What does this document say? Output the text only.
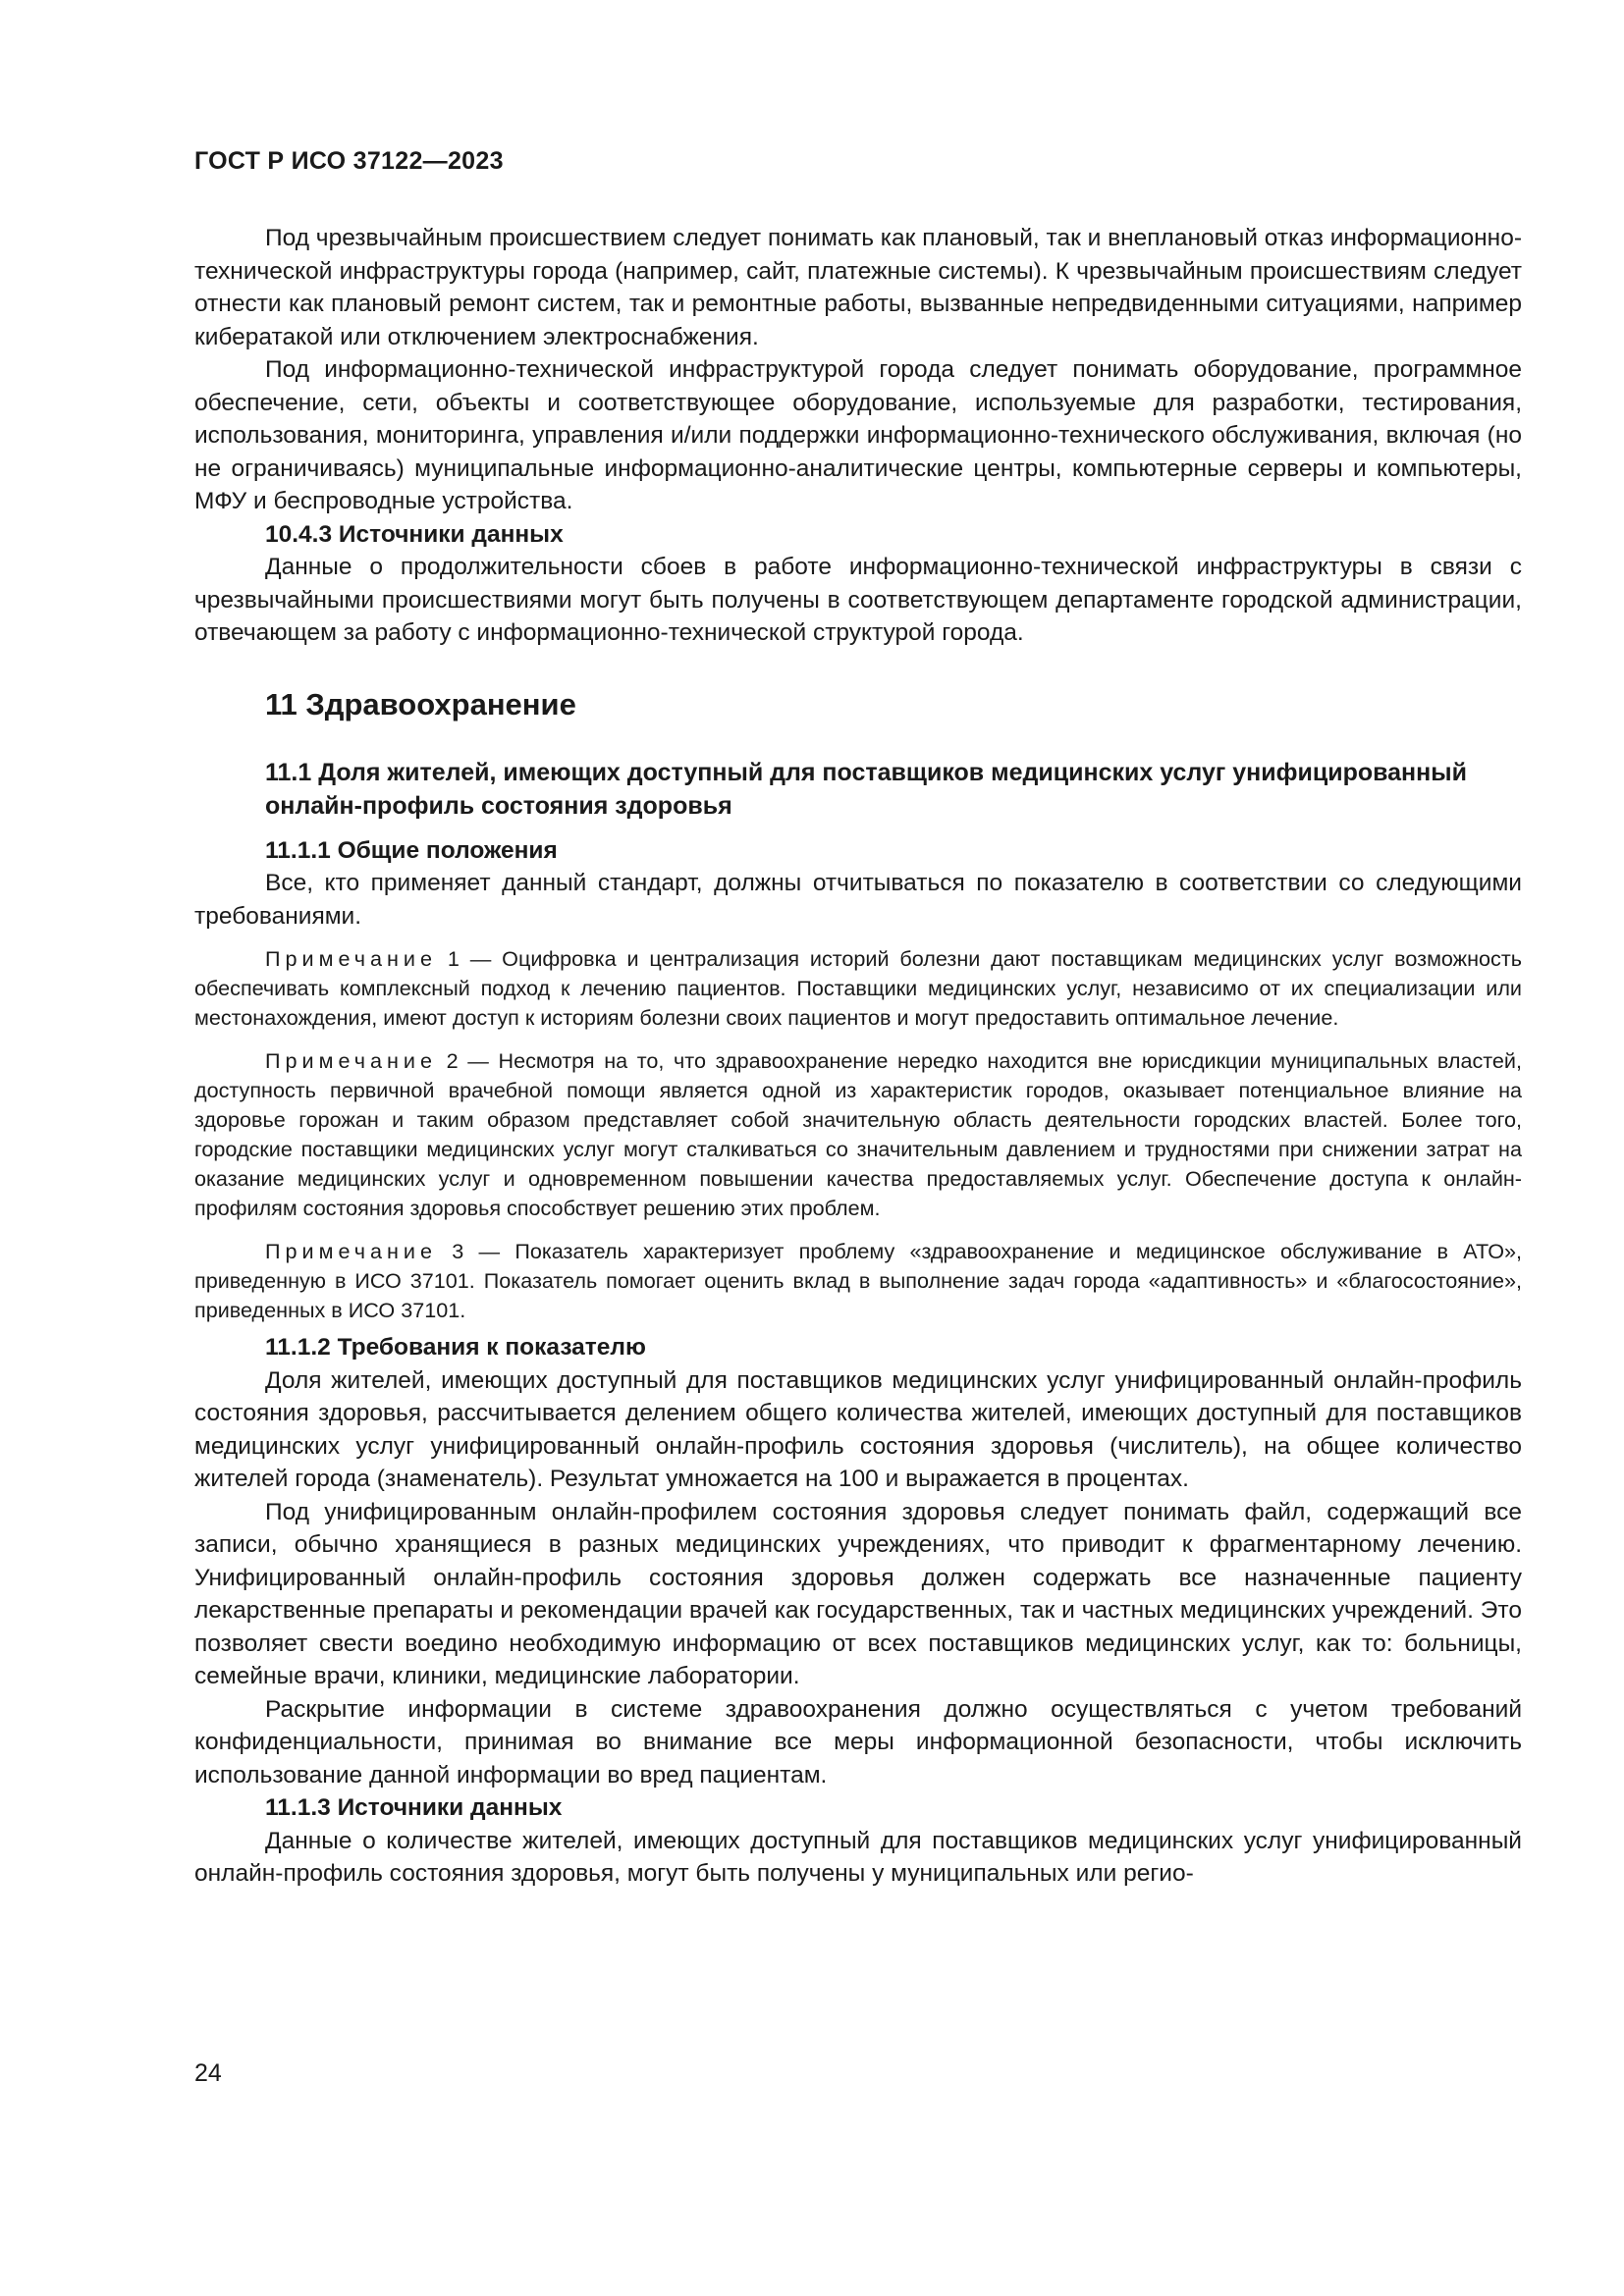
ГОСТ Р ИСО 37122—2023

Под чрезвычайным происшествием следует понимать как плановый, так и внеплановый отказ информационно-технической инфраструктуры города (например, сайт, платежные системы). К чрезвычайным происшествиям следует отнести как плановый ремонт систем, так и ремонтные работы, вызванные непредвиденными ситуациями, например кибератакой или отключением электроснабжения.

Под информационно-технической инфраструктурой города следует понимать оборудование, программное обеспечение, сети, объекты и соответствующее оборудование, используемые для разработки, тестирования, использования, мониторинга, управления и/или поддержки информационно-технического обслуживания, включая (но не ограничиваясь) муниципальные информационно-аналитические центры, компьютерные серверы и компьютеры, МФУ и беспроводные устройства.

10.4.3 Источники данных

Данные о продолжительности сбоев в работе информационно-технической инфраструктуры в связи с чрезвычайными происшествиями могут быть получены в соответствующем департаменте городской администрации, отвечающем за работу с информационно-технической структурой города.

11 Здравоохранение
11.1 Доля жителей, имеющих доступный для поставщиков медицинских услуг унифицированный онлайн-профиль состояния здоровья
11.1.1 Общие положения

Все, кто применяет данный стандарт, должны отчитываться по показателю в соответствии со следующими требованиями.

Примечание 1 — Оцифровка и централизация историй болезни дают поставщикам медицинских услуг возможность обеспечивать комплексный подход к лечению пациентов. Поставщики медицинских услуг, независимо от их специализации или местонахождения, имеют доступ к историям болезни своих пациентов и могут предоставить оптимальное лечение.
Примечание 2 — Несмотря на то, что здравоохранение нередко находится вне юрисдикции муниципальных властей, доступность первичной врачебной помощи является одной из характеристик городов, оказывает потенциальное влияние на здоровье горожан и таким образом представляет собой значительную область деятельности городских властей. Более того, городские поставщики медицинских услуг могут сталкиваться со значительным давлением и трудностями при снижении затрат на оказание медицинских услуг и одновременном повышении качества предоставляемых услуг. Обеспечение доступа к онлайн-профилям состояния здоровья способствует решению этих проблем.
Примечание 3 — Показатель характеризует проблему «здравоохранение и медицинское обслуживание в АТО», приведенную в ИСО 37101. Показатель помогает оценить вклад в выполнение задач города «адаптивность» и «благосостояние», приведенных в ИСО 37101.
11.1.2 Требования к показателю

Доля жителей, имеющих доступный для поставщиков медицинских услуг унифицированный онлайн-профиль состояния здоровья, рассчитывается делением общего количества жителей, имеющих доступный для поставщиков медицинских услуг унифицированный онлайн-профиль состояния здоровья (числитель), на общее количество жителей города (знаменатель). Результат умножается на 100 и выражается в процентах.

Под унифицированным онлайн-профилем состояния здоровья следует понимать файл, содержащий все записи, обычно хранящиеся в разных медицинских учреждениях, что приводит к фрагментарному лечению. Унифицированный онлайн-профиль состояния здоровья должен содержать все назначенные пациенту лекарственные препараты и рекомендации врачей как государственных, так и частных медицинских учреждений. Это позволяет свести воедино необходимую информацию от всех поставщиков медицинских услуг, как то: больницы, семейные врачи, клиники, медицинские лаборатории.

Раскрытие информации в системе здравоохранения должно осуществляться с учетом требований конфиденциальности, принимая во внимание все меры информационной безопасности, чтобы исключить использование данной информации во вред пациентам.

11.1.3 Источники данных

Данные о количестве жителей, имеющих доступный для поставщиков медицинских услуг унифицированный онлайн-профиль состояния здоровья, могут быть получены у муниципальных или регио-

24
